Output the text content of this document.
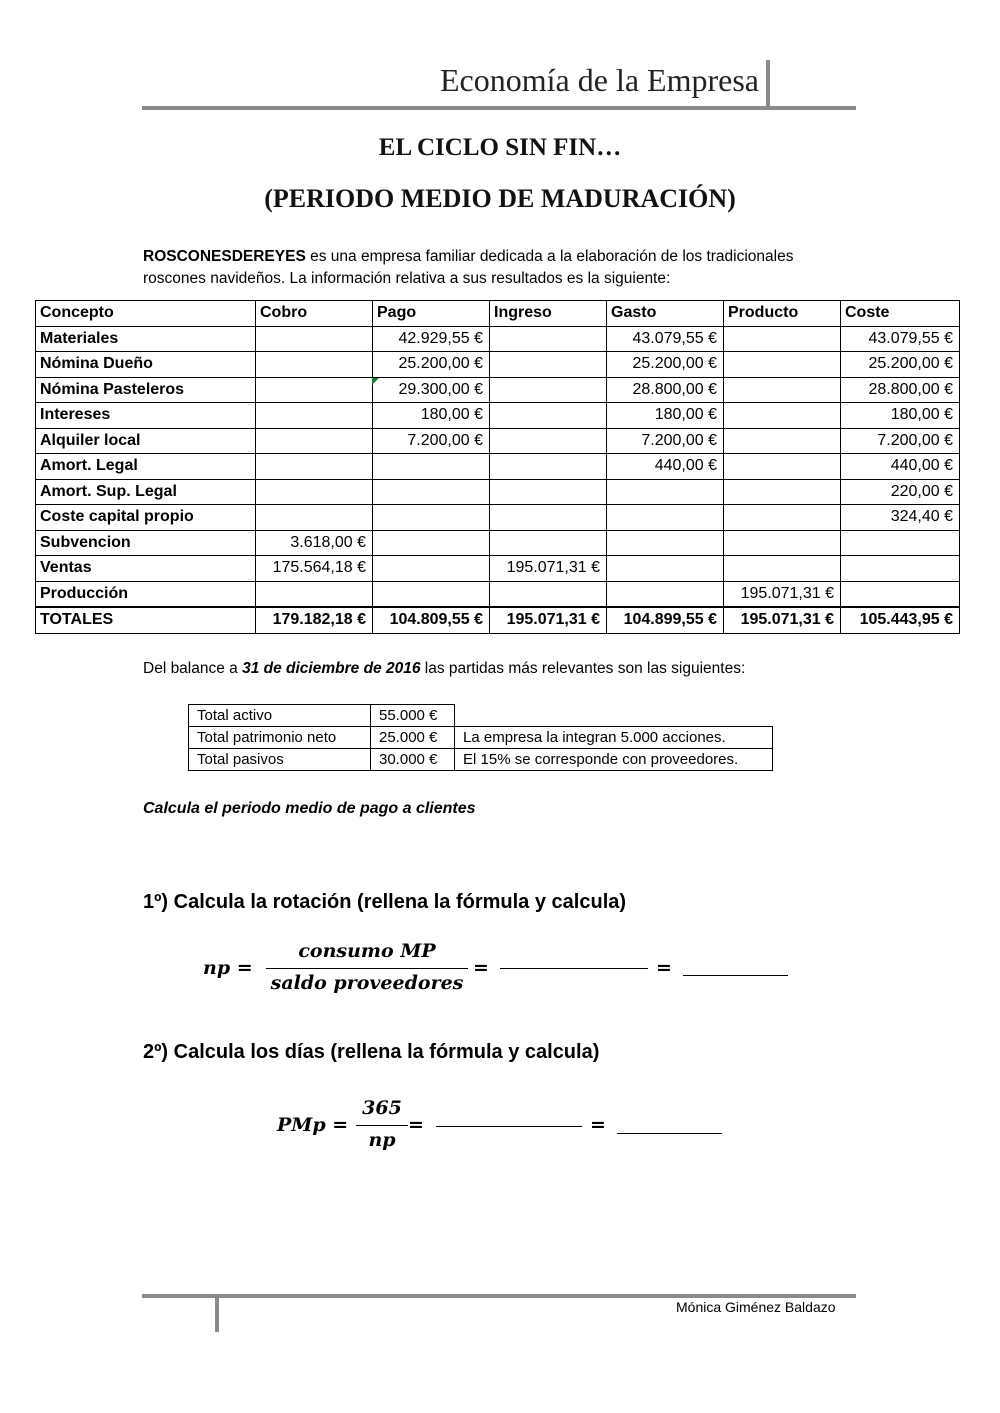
Economía de la Empresa
EL CICLO SIN FIN…
(PERIODO MEDIO DE MADURACIÓN)
ROSCONESDEREYES es una empresa familiar dedicada a la elaboración de los tradicionales roscones navideños. La información relativa a sus resultados es la siguiente:
Concepto	Cobro	Pago	Ingreso	Gasto	Producto	Coste
Materiales		42.929,55 €		43.079,55 €		43.079,55 €
Nómina Dueño		25.200,00 €		25.200,00 €		25.200,00 €
Nómina Pasteleros		29.300,00 €		28.800,00 €		28.800,00 €
Intereses		180,00 €		180,00 €		180,00 €
Alquiler local		7.200,00 €		7.200,00 €		7.200,00 €
Amort. Legal				440,00 €		440,00 €
Amort. Sup. Legal						220,00 €
Coste capital propio						324,40 €
Subvencion	3.618,00 €					
Ventas	175.564,18 €		195.071,31 €			
Producción					195.071,31 €	
TOTALES	179.182,18 €	104.809,55 €	195.071,31 €	104.899,55 €	195.071,31 €	105.443,95 €
Del balance a 31 de diciembre de 2016 las partidas más relevantes son las siguientes:
Total activo	55.000 €	
Total patrimonio neto	25.000 €	La empresa la integran 5.000 acciones.
Total pasivos	30.000 €	El 15% se corresponde con proveedores.
Calcula el periodo medio de pago a clientes
1º) Calcula la rotación (rellena la fórmula y calcula)
np =
consumo MP
saldo proveedores
=	=
2º) Calcula los días (rellena la fórmula y calcula)
PMp =
365
np
=	=
Mónica Giménez Baldazo
